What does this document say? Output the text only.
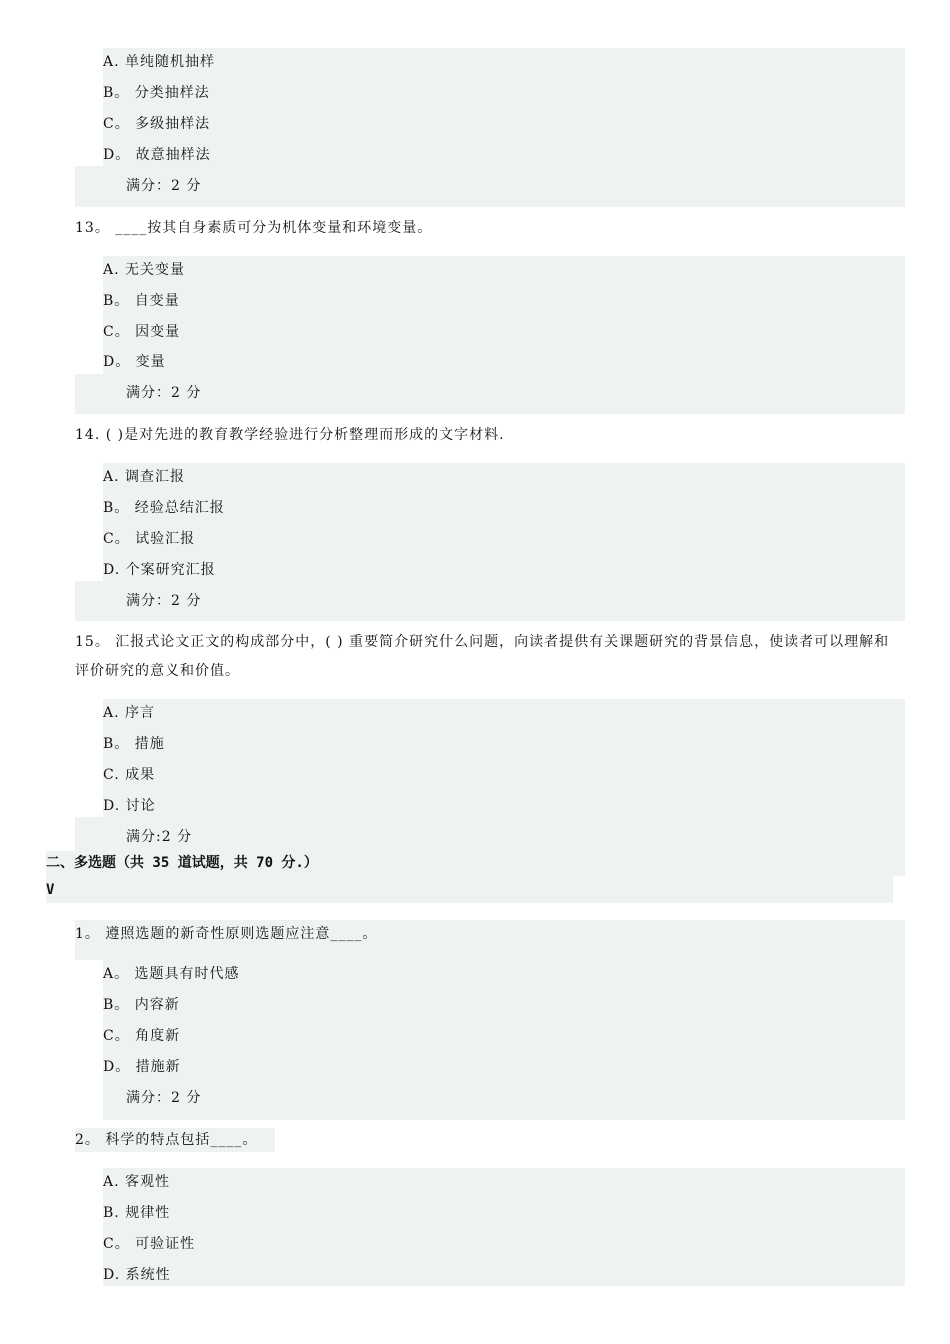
A. 单纯随机抽样
B。 分类抽样法
C。 多级抽样法
D。 故意抽样法
满分：2 分
13。 ____按其自身素质可分为机体变量和环境变量。
A. 无关变量
B。 自变量
C。 因变量
D。 变量
满分：2 分
14. ( )是对先进的教育教学经验进行分析整理而形成的文字材料.
A. 调查汇报
B。 经验总结汇报
C。 试验汇报
D. 个案研究汇报
满分：2 分
15。 汇报式论文正文的构成部分中，( ) 重要简介研究什么问题，向读者提供有关课题研究的背景信息，使读者可以理解和评价研究的意义和价值。
A. 序言
B。 措施
C. 成果
D. 讨论
满分:2 分
二、多选题（共 35 道试题，共 70 分.）
V
1。 遵照选题的新奇性原则选题应注意____。
A。 选题具有时代感
B。 内容新
C。 角度新
D。 措施新
满分：2 分
2。 科学的特点包括____。
A. 客观性
B. 规律性
C。 可验证性
D. 系统性
